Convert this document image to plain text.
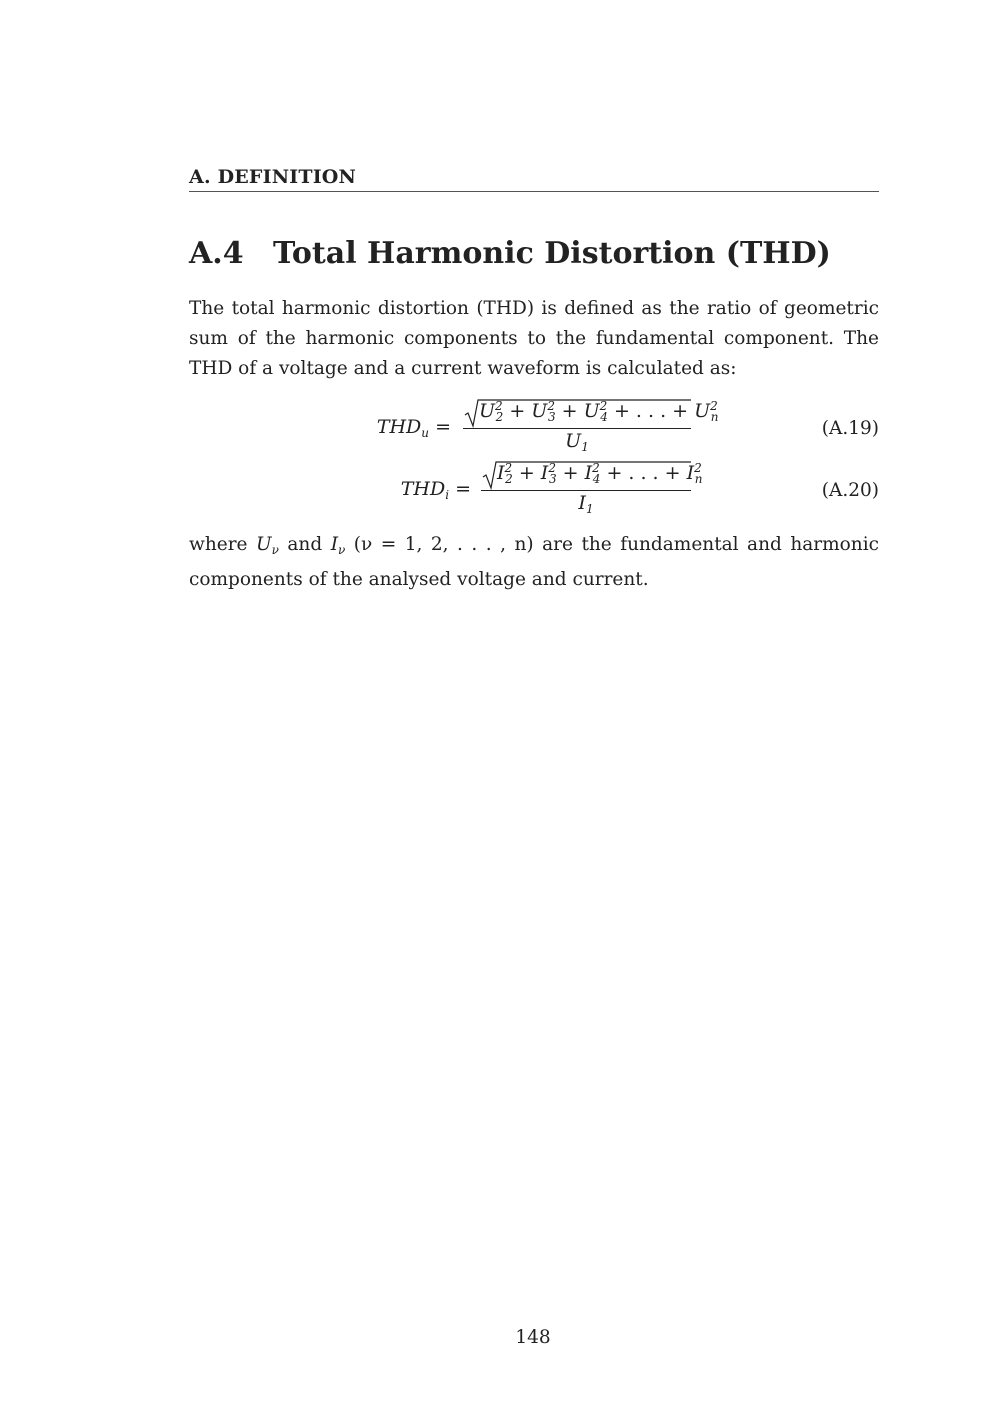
A. DEFINITION
A.4 Total Harmonic Distortion (THD)
The total harmonic distortion (THD) is defined as the ratio of geometric sum of the harmonic components to the fundamental component. The THD of a voltage and a current waveform is calculated as:
$THD_u = \frac{U^2_2 + U^2_3 + U^2_4 + . . . + U^2_n}{U_1}$	(A.19)
$THD_i = \frac{I^2_2 + I^2_3 + I^2_4 + . . . + I^2_n}{I_1}$	(A.20)
where $U_\nu$ and $I_\nu$ (ν = 1, 2, . . . , n) are the fundamental and harmonic components of the analysed voltage and current.
148
